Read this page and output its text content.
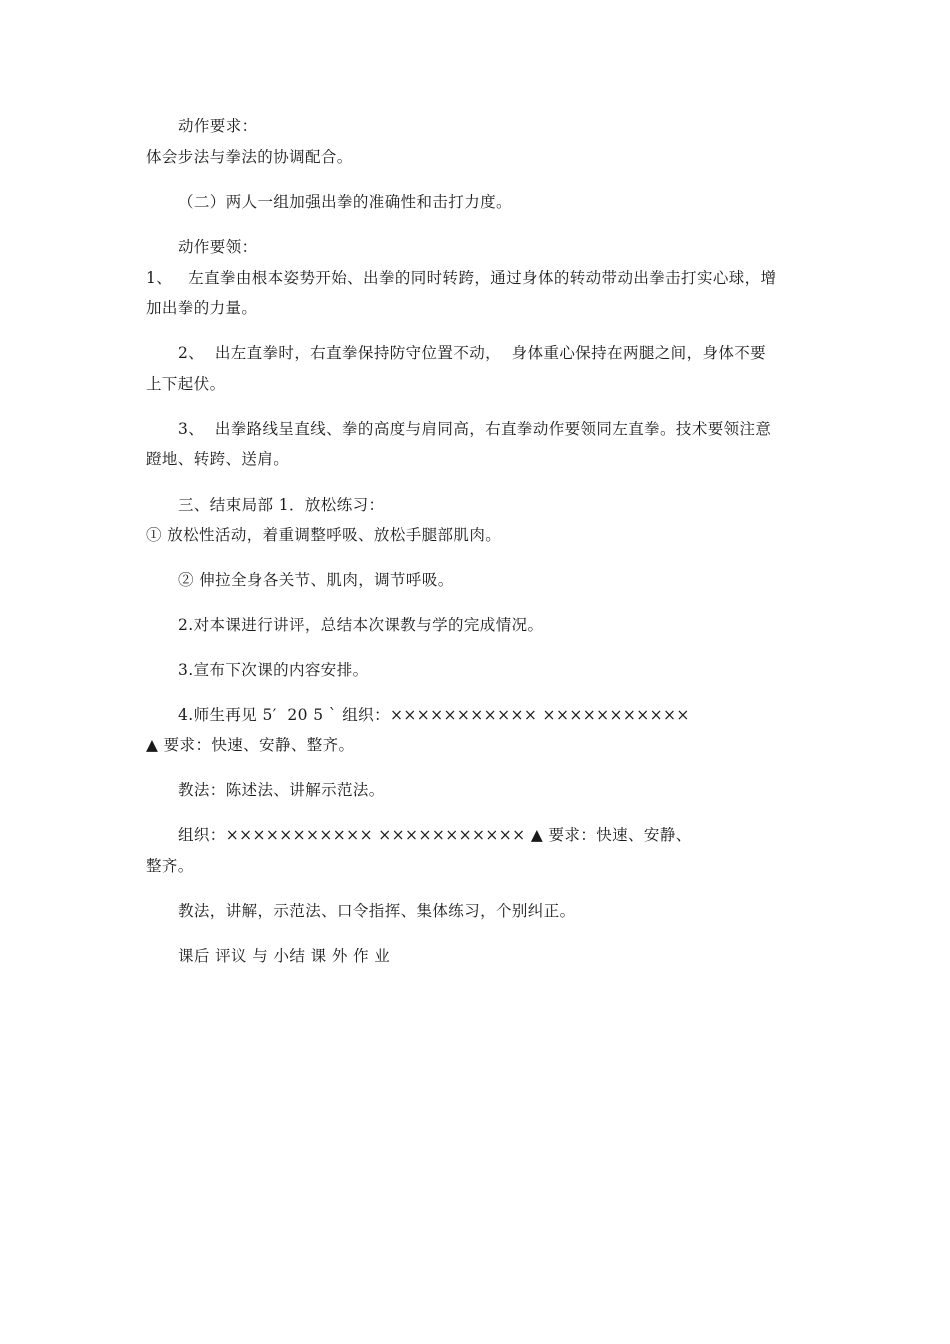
动作要求：
体会步法与拳法的协调配合。
（二）两人一组加强出拳的准确性和击打力度。
动作要领：
1、   左直拳由根本姿势开始、出拳的同时转跨，通过身体的转动带动出拳击打实心球，增
加出拳的力量。
2、  出左直拳时，右直拳保持防守位置不动，  身体重心保持在两腿之间，身体不要
上下起伏。
3、  出拳路线呈直线、拳的高度与肩同高，右直拳动作要领同左直拳。技术要领注意
蹬地、转跨、送肩。
三、结束局部 1．放松练习：
① 放松性活动，着重调整呼吸、放松手腿部肌肉。
② 伸拉全身各关节、肌肉，调节呼吸。
2.对本课进行讲评，总结本次课教与学的完成情况。
3.宣布下次课的内容安排。
4.师生再见 5′  20 5 ` 组织：××××××××××× ×××××××××××
▲ 要求：快速、安静、整齐。
教法：陈述法、讲解示范法。
组织：××××××××××× ××××××××××× ▲ 要求：快速、安静、
整齐。
教法，讲解，示范法、口令指挥、集体练习，个别纠正。
课后 评议 与 小结 课 外 作 业
